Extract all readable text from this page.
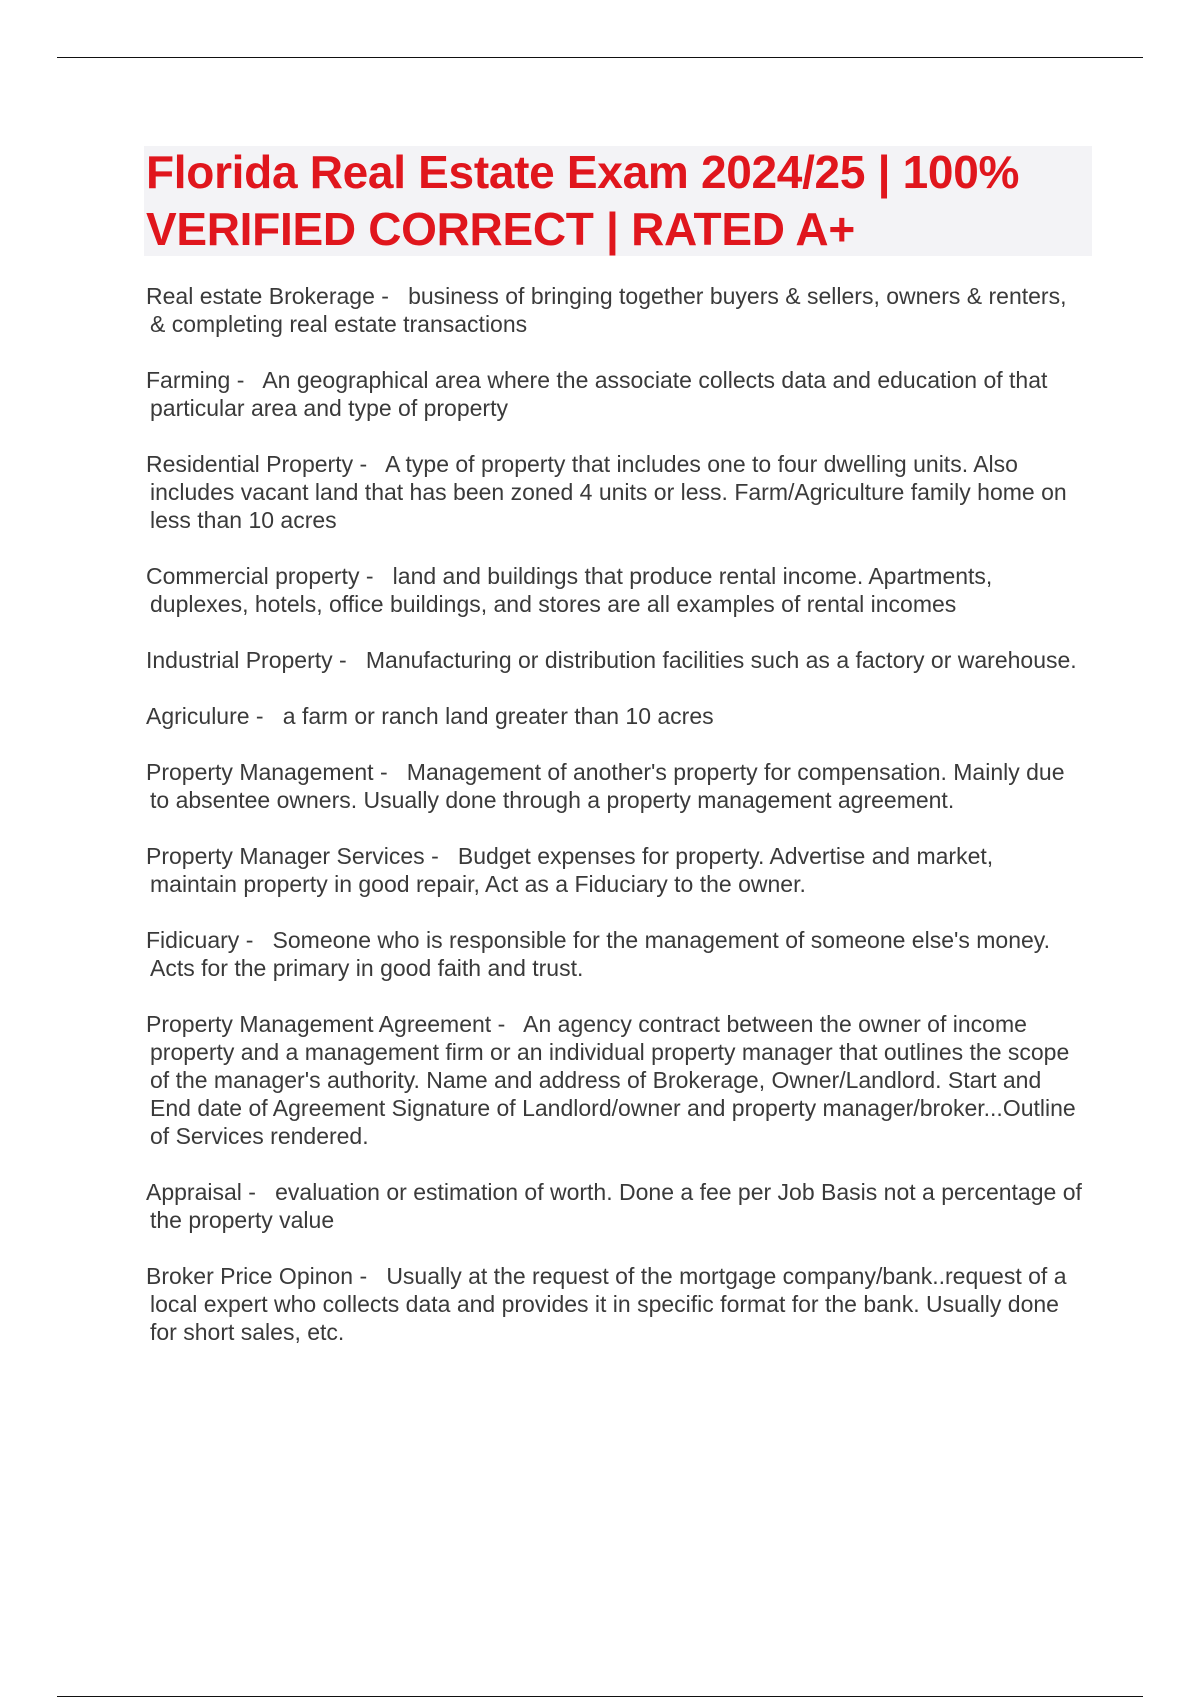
Florida Real Estate Exam 2024/25 | 100% VERIFIED CORRECT | RATED A+

Real estate Brokerage - business of bringing together buyers & sellers, owners & renters, & completing real estate transactions

Farming - An geographical area where the associate collects data and education of that particular area and type of property

Residential Property - A type of property that includes one to four dwelling units. Also includes vacant land that has been zoned 4 units or less. Farm/Agriculture family home on less than 10 acres

Commercial property - land and buildings that produce rental income. Apartments, duplexes, hotels, office buildings, and stores are all examples of rental incomes

Industrial Property - Manufacturing or distribution facilities such as a factory or warehouse.

Agriculure - a farm or ranch land greater than 10 acres

Property Management - Management of another's property for compensation. Mainly due to absentee owners. Usually done through a property management agreement.

Property Manager Services - Budget expenses for property. Advertise and market, maintain property in good repair, Act as a Fiduciary to the owner.

Fidicuary - Someone who is responsible for the management of someone else's money. Acts for the primary in good faith and trust.

Property Management Agreement - An agency contract between the owner of income property and a management firm or an individual property manager that outlines the scope of the manager's authority. Name and address of Brokerage, Owner/Landlord. Start and End date of Agreement Signature of Landlord/owner and property manager/broker...Outline of Services rendered.

Appraisal - evaluation or estimation of worth. Done a fee per Job Basis not a percentage of the property value

Broker Price Opinon - Usually at the request of the mortgage company/bank..request of a local expert who collects data and provides it in specific format for the bank. Usually done for short sales, etc.
